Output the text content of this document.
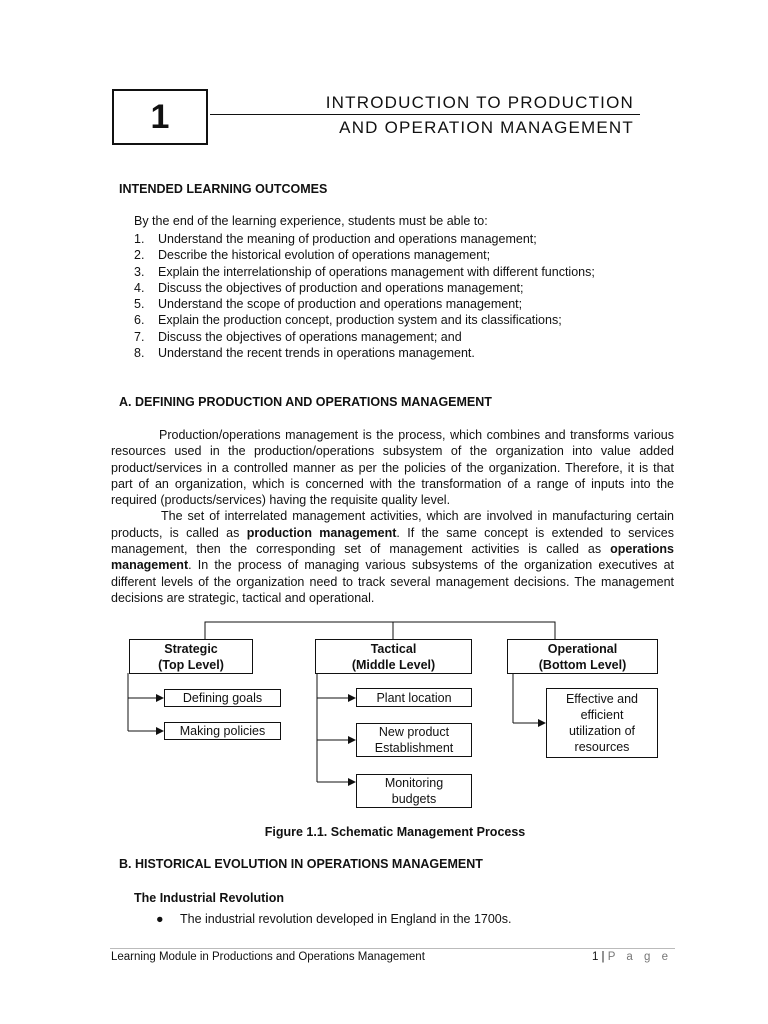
1	INTRODUCTION TO PRODUCTION
AND OPERATION MANAGEMENT
INTENDED LEARNING OUTCOMES
By the end of the learning experience, students must be able to:
1. Understand the meaning of production and operations management;
2. Describe the historical evolution of operations management;
3. Explain the interrelationship of operations management with different functions;
4. Discuss the objectives of production and operations management;
5. Understand the scope of production and operations management;
6. Explain the production concept, production system and its classifications;
7. Discuss the objectives of operations management; and
8. Understand the recent trends in operations management.
A. DEFINING PRODUCTION AND OPERATIONS MANAGEMENT

Production/operations management is the process, which combines and transforms various resources used in the production/operations subsystem of the organization into value added product/services in a controlled manner as per the policies of the organization. Therefore, it is that part of an organization, which is concerned with the transformation of a range of inputs into the required (products/services) having the requisite quality level.

The set of interrelated management activities, which are involved in manufacturing certain products, is called as production management. If the same concept is extended to services management, then the corresponding set of management activities is called as operations management. In the process of managing various subsystems of the organization executives at different levels of the organization need to track several management decisions. The management decisions are strategic, tactical and operational.

Strategic
(Top Level)
Tactical
(Middle Level)
Operational
(Bottom Level)
Defining goals
Making policies
Plant location
New product
Establishment
Monitoring
budgets
Effective and
efficient
utilization of
resources
Figure 1.1. Schematic Management Process
B. HISTORICAL EVOLUTION IN OPERATIONS MANAGEMENT
The Industrial Revolution
● The industrial revolution developed in England in the 1700s.
Learning Module in Productions and Operations Management	1 | P a g e
